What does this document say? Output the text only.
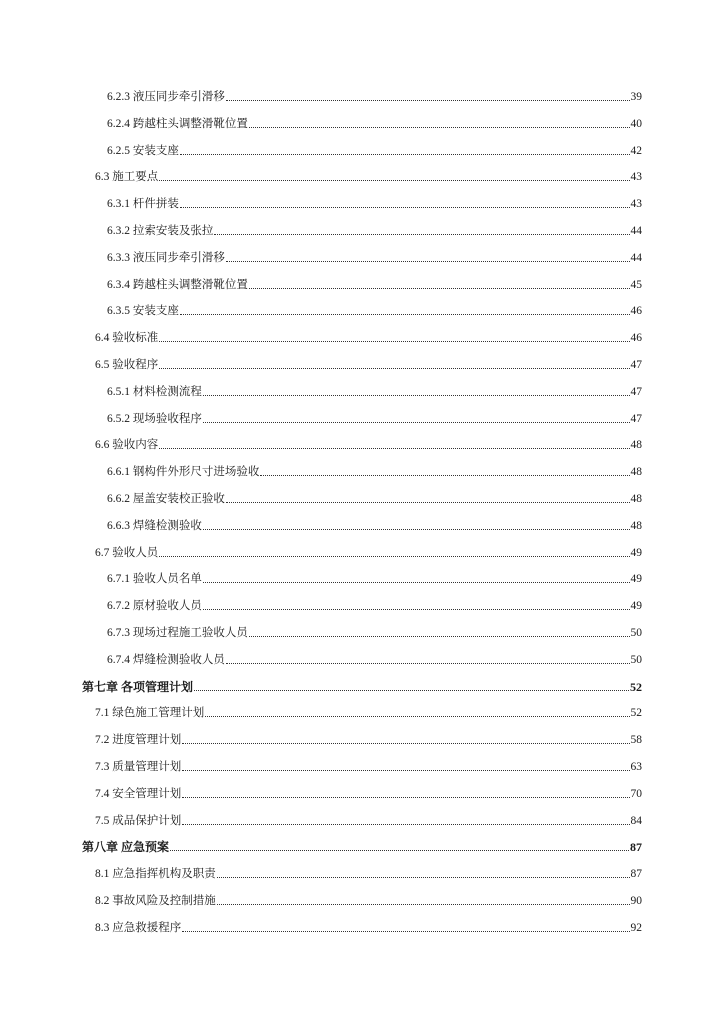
6.2.3 液压同步牵引滑移	39
6.2.4 跨越柱头调整滑靴位置	40
6.2.5 安装支座	42
6.3 施工要点	43
6.3.1 杆件拼装	43
6.3.2 拉索安装及张拉	44
6.3.3 液压同步牵引滑移	44
6.3.4 跨越柱头调整滑靴位置	45
6.3.5 安装支座	46
6.4 验收标准	46
6.5 验收程序	47
6.5.1 材料检测流程	47
6.5.2 现场验收程序	47
6.6 验收内容	48
6.6.1 钢构件外形尺寸进场验收	48
6.6.2 屋盖安装校正验收	48
6.6.3 焊缝检测验收	48
6.7 验收人员	49
6.7.1 验收人员名单	49
6.7.2 原材验收人员	49
6.7.3 现场过程施工验收人员	50
6.7.4 焊缝检测验收人员	50
第七章 各项管理计划	52
7.1 绿色施工管理计划	52
7.2 进度管理计划	58
7.3 质量管理计划	63
7.4 安全管理计划	70
7.5 成品保护计划	84
第八章 应急预案	87
8.1 应急指挥机构及职责	87
8.2 事故风险及控制措施	90
8.3 应急救援程序	92
